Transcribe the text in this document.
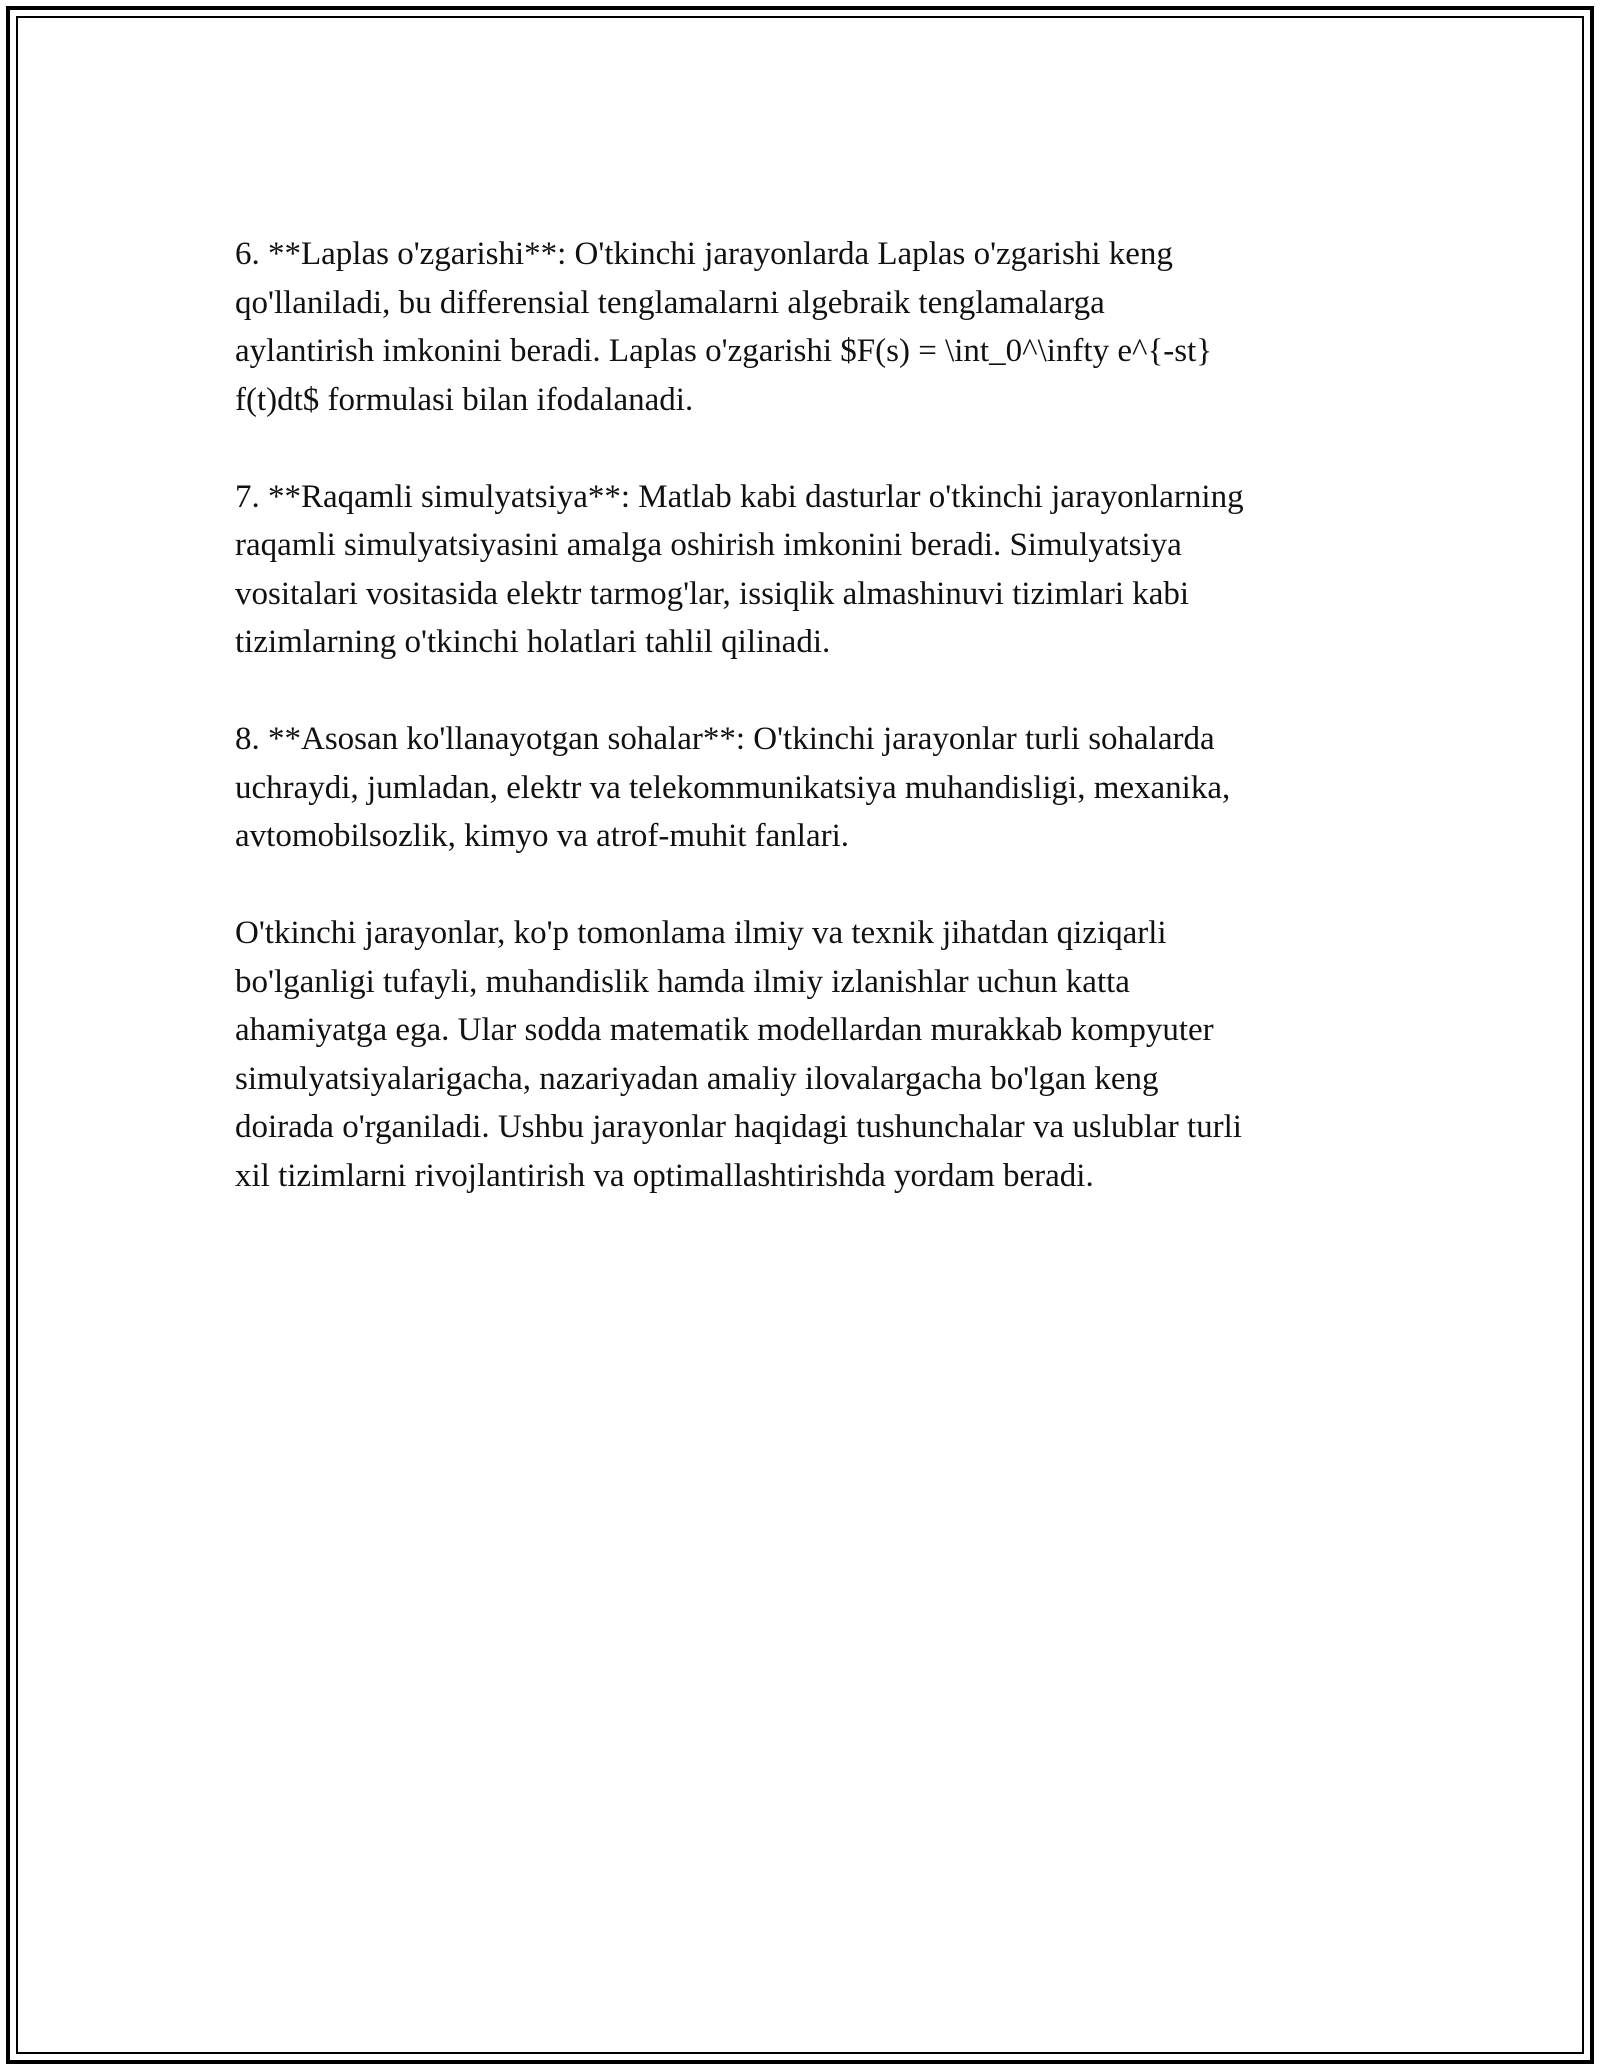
6. **Laplas o'zgarishi**: O'tkinchi jarayonlarda Laplas o'zgarishi keng
qo'llaniladi, bu differensial tenglamalarni algebraik tenglamalarga
aylantirish imkonini beradi. Laplas o'zgarishi $F(s) = \int_0^\infty e^{-st}
f(t)dt$ formulasi bilan ifodalanadi.

7. **Raqamli simulyatsiya**: Matlab kabi dasturlar o'tkinchi jarayonlarning
raqamli simulyatsiyasini amalga oshirish imkonini beradi. Simulyatsiya
vositalari vositasida elektr tarmog'lar, issiqlik almashinuvi tizimlari kabi
tizimlarning o'tkinchi holatlari tahlil qilinadi.

8. **Asosan ko'llanayotgan sohalar**: O'tkinchi jarayonlar turli sohalarda
uchraydi, jumladan, elektr va telekommunikatsiya muhandisligi, mexanika,
avtomobilsozlik, kimyo va atrof-muhit fanlari.

O'tkinchi jarayonlar, ko'p tomonlama ilmiy va texnik jihatdan qiziqarli
bo'lganligi tufayli, muhandislik hamda ilmiy izlanishlar uchun katta
ahamiyatga ega. Ular sodda matematik modellardan murakkab kompyuter
simulyatsiyalarigacha, nazariyadan amaliy ilovalargacha bo'lgan keng
doirada o'rganiladi. Ushbu jarayonlar haqidagi tushunchalar va uslublar turli
xil tizimlarni rivojlantirish va optimallashtirishda yordam beradi.
